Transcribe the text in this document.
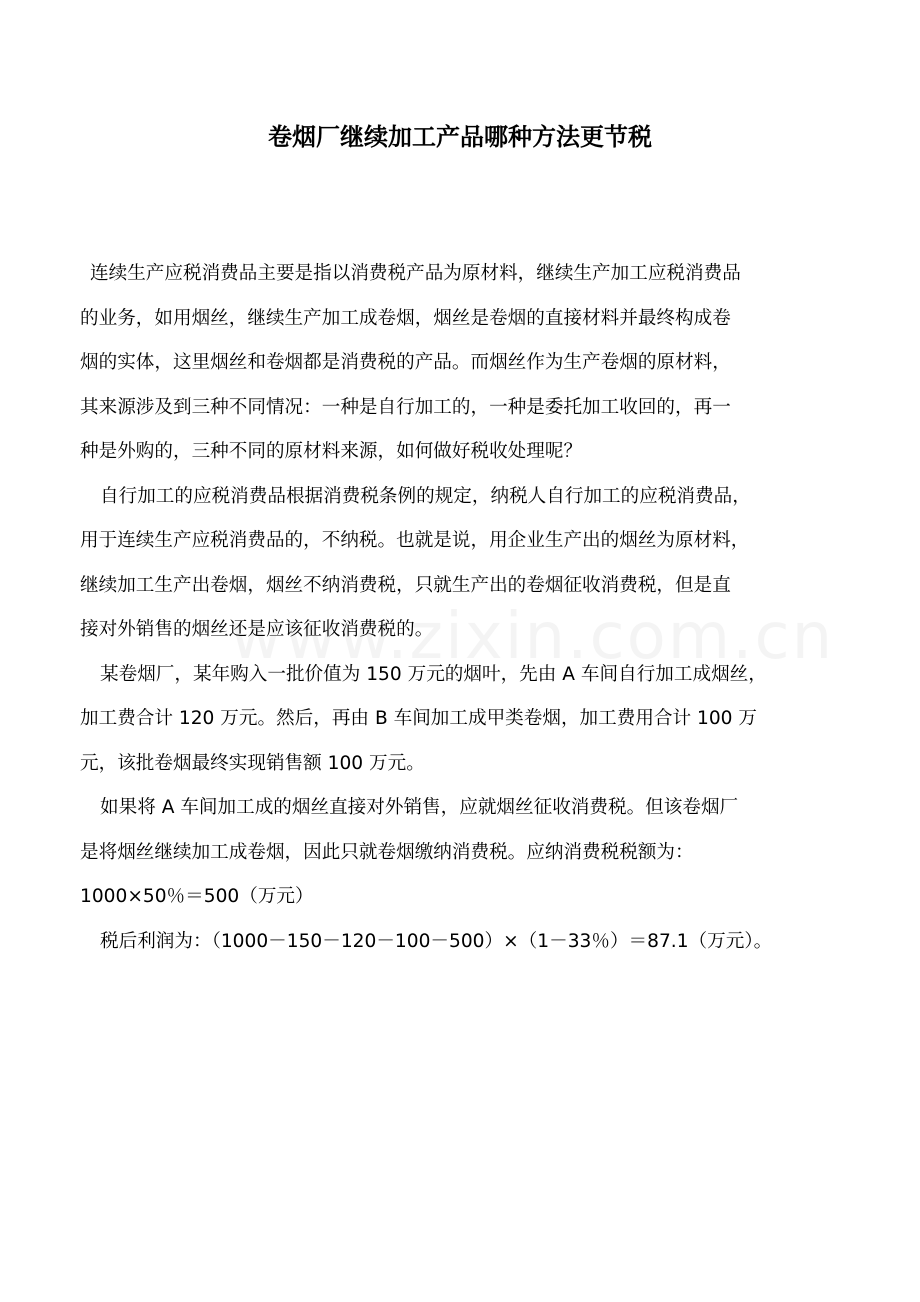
卷烟厂继续加工产品哪种方法更节税
连续生产应税消费品主要是指以消费税产品为原材料，继续生产加工应税消费品
的业务，如用烟丝，继续生产加工成卷烟，烟丝是卷烟的直接材料并最终构成卷
烟的实体，这里烟丝和卷烟都是消费税的产品。而烟丝作为生产卷烟的原材料，
其来源涉及到三种不同情况：一种是自行加工的，一种是委托加工收回的，再一
种是外购的，三种不同的原材料来源，如何做好税收处理呢？
自行加工的应税消费品根据消费税条例的规定，纳税人自行加工的应税消费品，
用于连续生产应税消费品的，不纳税。也就是说，用企业生产出的烟丝为原材料，
继续加工生产出卷烟，烟丝不纳消费税，只就生产出的卷烟征收消费税，但是直
接对外销售的烟丝还是应该征收消费税的。
某卷烟厂，某年购入一批价值为 150 万元的烟叶，先由 A 车间自行加工成烟丝，
加工费合计 120 万元。然后，再由 B 车间加工成甲类卷烟，加工费用合计 100 万
元，该批卷烟最终实现销售额 100 万元。
如果将 A 车间加工成的烟丝直接对外销售，应就烟丝征收消费税。但该卷烟厂
是将烟丝继续加工成卷烟，因此只就卷烟缴纳消费税。应纳消费税税额为：
1000×50％＝500（万元）
税后利润为：（1000－150－120－100－500）×（1－33％）＝87.1（万元）。
